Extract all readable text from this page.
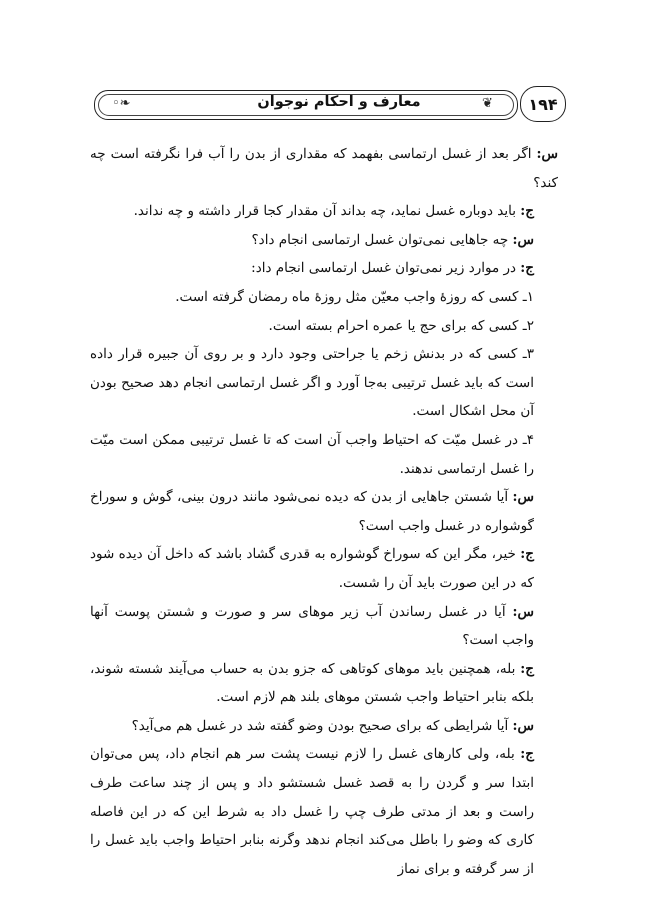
◦❧	❦
معارف و احکام نوجوان	۱۹۴

س: اگر بعد از غسل ارتماسی بفهمد که مقداری از بدن را آب فرا نگرفته است چه کند؟

ج: باید دوباره غسل نماید، چه بداند آن مقدار کجا قرار داشته و چه نداند.

س: چه جاهایی نمی‌توان غسل ارتماسی انجام داد؟

ج: در موارد زیر نمی‌توان غسل ارتماسی انجام داد:

۱ـ کسی که روزهٔ واجب معیّن مثل روزهٔ ماه رمضان گرفته است.

۲ـ کسی که برای حج یا عمره احرام بسته است.

۳ـ کسی که در بدنش زخم یا جراحتی وجود دارد و بر روی آن جبیره قرار داده است که باید غسل ترتیبی به‌جا آورد و اگر غسل ارتماسی انجام دهد صحیح بودن آن محل اشکال است.

۴ـ در غسل میّت که احتیاط واجب آن است که تا غسل ترتیبی ممکن است میّت را غسل ارتماسی ندهند.

س: آیا شستن جاهایی از بدن که دیده نمی‌شود مانند درون بینی، گوش و سوراخ گوشواره در غسل واجب است؟

ج: خیر، مگر این که سوراخ گوشواره به قدری گشاد باشد که داخل آن دیده شود که در این صورت باید آن را شست.

س: آیا در غسل رساندن آب زیر موهای سر و صورت و شستن پوست آنها واجب است؟

ج: بله، همچنین باید موهای کوتاهی که جزو بدن به حساب می‌آیند شسته شوند، بلکه بنابر احتیاط واجب شستن موهای بلند هم لازم است.

س: آیا شرایطی که برای صحیح بودن وضو گفته شد در غسل هم می‌آید؟

ج: بله، ولی کارهای غسل را لازم نیست پشت سر هم انجام داد، پس می‌توان ابتدا سر و گردن را به قصد غسل شستشو داد و پس از چند ساعت طرف راست و بعد از مدتی طرف چپ را غسل داد به شرط این که در این فاصله کاری که وضو را باطل می‌کند انجام ندهد وگرنه بنابر احتیاط واجب باید غسل را از سر گرفته و برای نماز
